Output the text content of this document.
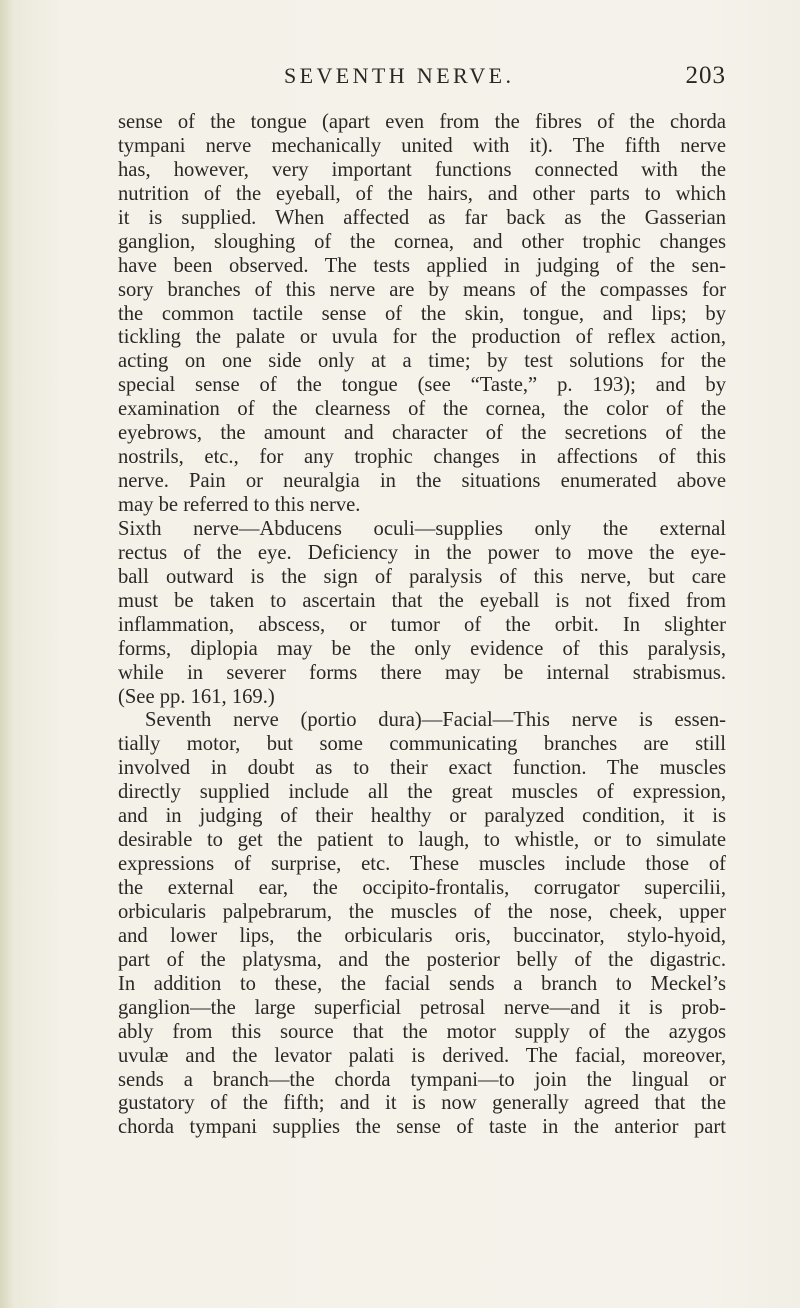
SEVENTH NERVE.	203
sense of the tongue (apart even from the fibres of the chorda
tympani nerve mechanically united with it). The fifth nerve
has, however, very important functions connected with the
nutrition of the eyeball, of the hairs, and other parts to which
it is supplied. When affected as far back as the Gasserian
ganglion, sloughing of the cornea, and other trophic changes
have been observed. The tests applied in judging of the sen-
sory branches of this nerve are by means of the compasses for
the common tactile sense of the skin, tongue, and lips; by
tickling the palate or uvula for the production of reflex action,
acting on one side only at a time; by test solutions for the
special sense of the tongue (see “Taste,” p. 193); and by
examination of the clearness of the cornea, the color of the
eyebrows, the amount and character of the secretions of the
nostrils, etc., for any trophic changes in affections of this
nerve. Pain or neuralgia in the situations enumerated above
may be referred to this nerve.
Sixth nerve—Abducens oculi—supplies only the external
rectus of the eye. Deficiency in the power to move the eye-
ball outward is the sign of paralysis of this nerve, but care
must be taken to ascertain that the eyeball is not fixed from
inflammation, abscess, or tumor of the orbit. In slighter
forms, diplopia may be the only evidence of this paralysis,
while in severer forms there may be internal strabismus.
(See pp. 161, 169.)
Seventh nerve (portio dura)—Facial—This nerve is essen-
tially motor, but some communicating branches are still
involved in doubt as to their exact function. The muscles
directly supplied include all the great muscles of expression,
and in judging of their healthy or paralyzed condition, it is
desirable to get the patient to laugh, to whistle, or to simulate
expressions of surprise, etc. These muscles include those of
the external ear, the occipito-frontalis, corrugator supercilii,
orbicularis palpebrarum, the muscles of the nose, cheek, upper
and lower lips, the orbicularis oris, buccinator, stylo-hyoid,
part of the platysma, and the posterior belly of the digastric.
In addition to these, the facial sends a branch to Meckel’s
ganglion—the large superficial petrosal nerve—and it is prob-
ably from this source that the motor supply of the azygos
uvulæ and the levator palati is derived. The facial, moreover,
sends a branch—the chorda tympani—to join the lingual or
gustatory of the fifth; and it is now generally agreed that the
chorda tympani supplies the sense of taste in the anterior part
